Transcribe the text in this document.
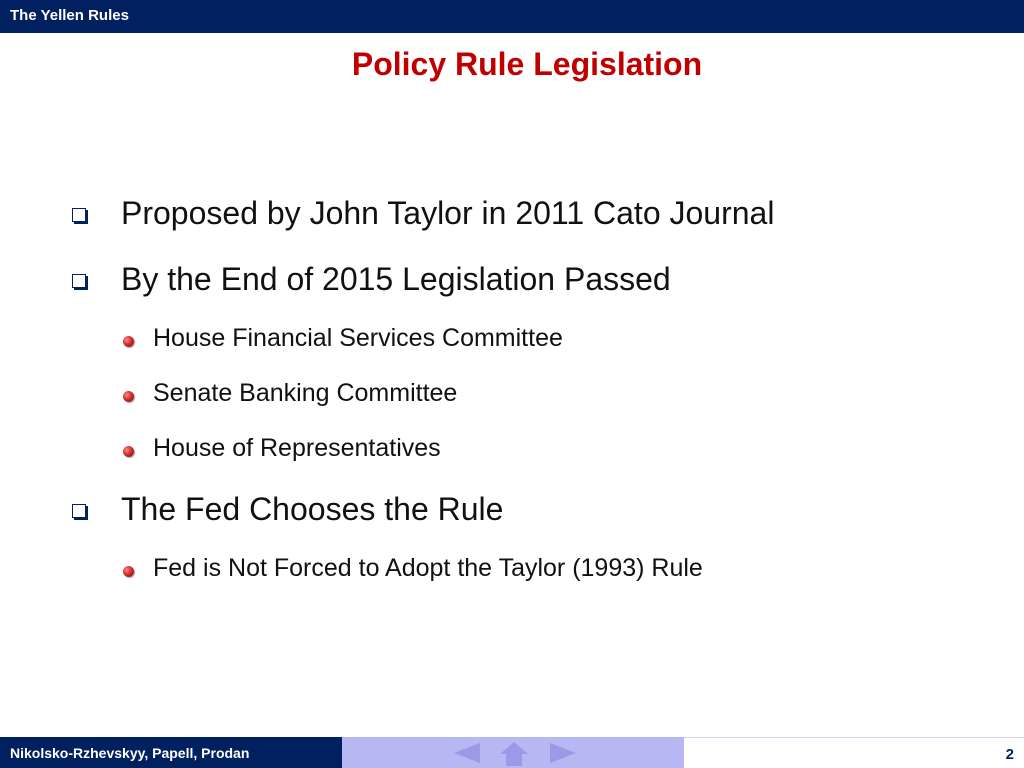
The Yellen Rules
Policy Rule Legislation
Proposed by John Taylor in 2011 Cato Journal
By the End of 2015 Legislation Passed
House Financial Services Committee
Senate Banking Committee
House of Representatives
The Fed Chooses the Rule
Fed is Not Forced to Adopt the Taylor (1993) Rule
Nikolsko-Rzhevskyy, Papell, Prodan	2
